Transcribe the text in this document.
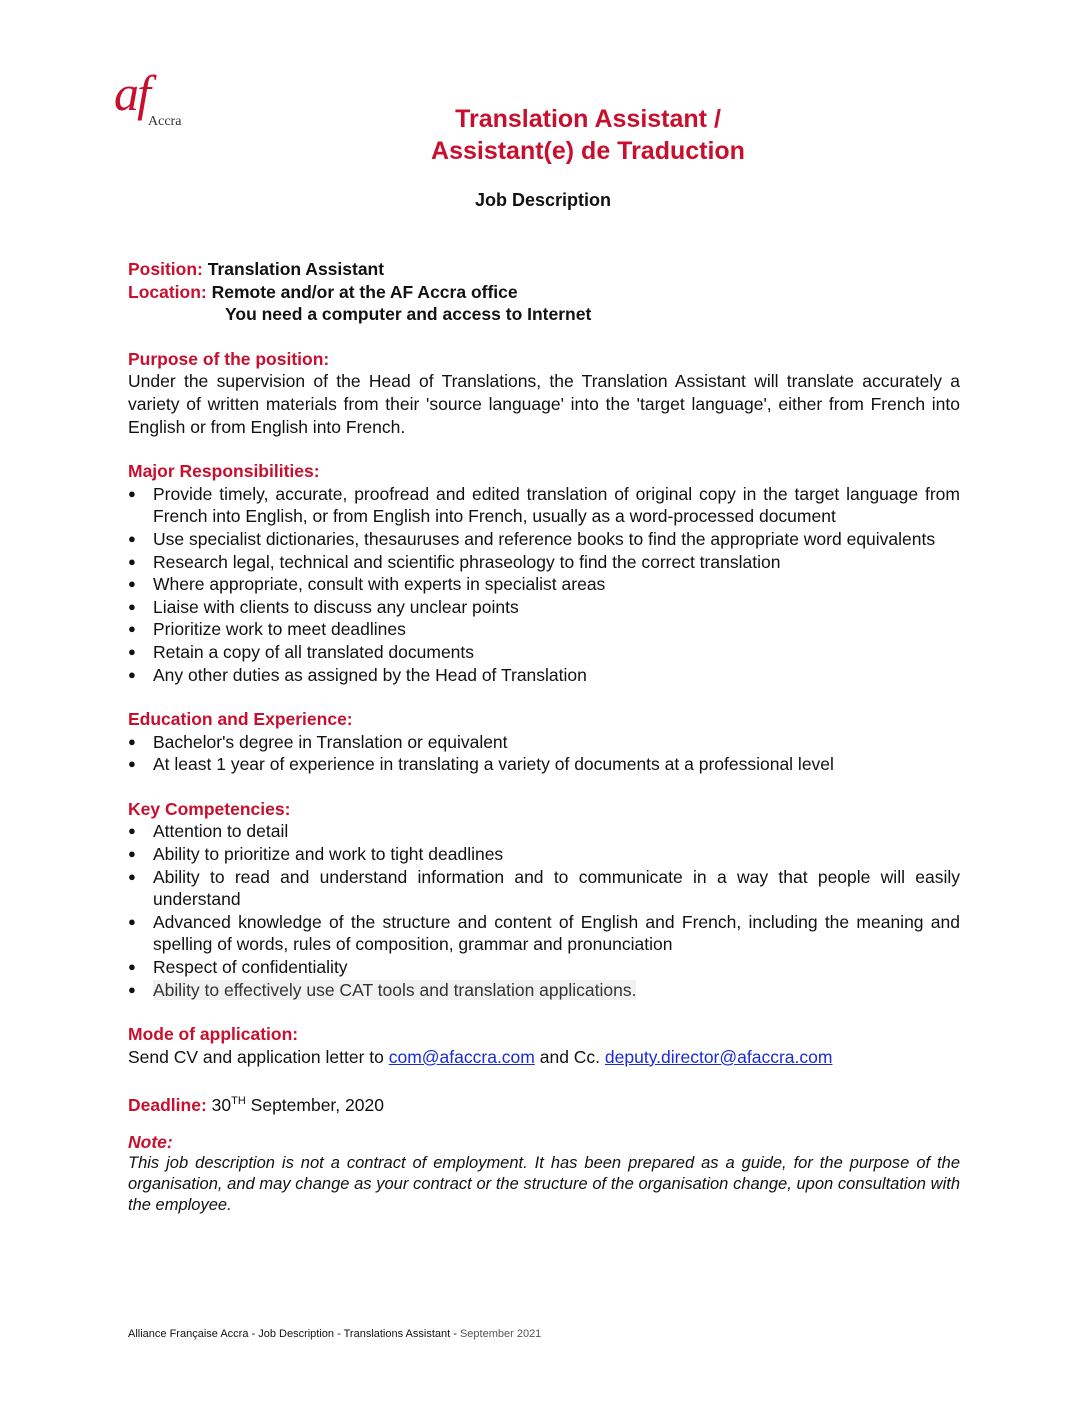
af
Accra	Translation Assistant /
Assistant(e) de Traduction
Job Description

Position: Translation Assistant

Location: Remote and/or at the AF Accra office

You need a computer and access to Internet

Purpose of the position:

Under the supervision of the Head of Translations, the Translation Assistant will translate accurately a variety of written materials from their 'source language' into the 'target language', either from French into English or from English into French.

Major Responsibilities:

● Provide timely, accurate, proofread and edited translation of original copy in the target language from French into English, or from English into French, usually as a word-processed document
● Use specialist dictionaries, thesauruses and reference books to find the appropriate word equivalents
● Research legal, technical and scientific phraseology to find the correct translation
● Where appropriate, consult with experts in specialist areas
● Liaise with clients to discuss any unclear points
● Prioritize work to meet deadlines
● Retain a copy of all translated documents
● Any other duties as assigned by the Head of Translation

Education and Experience:

● Bachelor's degree in Translation or equivalent
● At least 1 year of experience in translating a variety of documents at a professional level

Key Competencies:

● Attention to detail
● Ability to prioritize and work to tight deadlines
● Ability to read and understand information and to communicate in a way that people will easily understand
● Advanced knowledge of the structure and content of English and French, including the meaning and spelling of words, rules of composition, grammar and pronunciation
● Respect of confidentiality
● Ability to effectively use CAT tools and translation applications.

Mode of application:

Send CV and application letter to com@afaccra.com and Cc. deputy.director@afaccra.com

Deadline: 30TH September, 2020

Note:

This job description is not a contract of employment. It has been prepared as a guide, for the purpose of the organisation, and may change as your contract or the structure of the organisation change, upon consultation with the employee.

Alliance Française Accra - Job Description - Translations Assistant - September 2021
